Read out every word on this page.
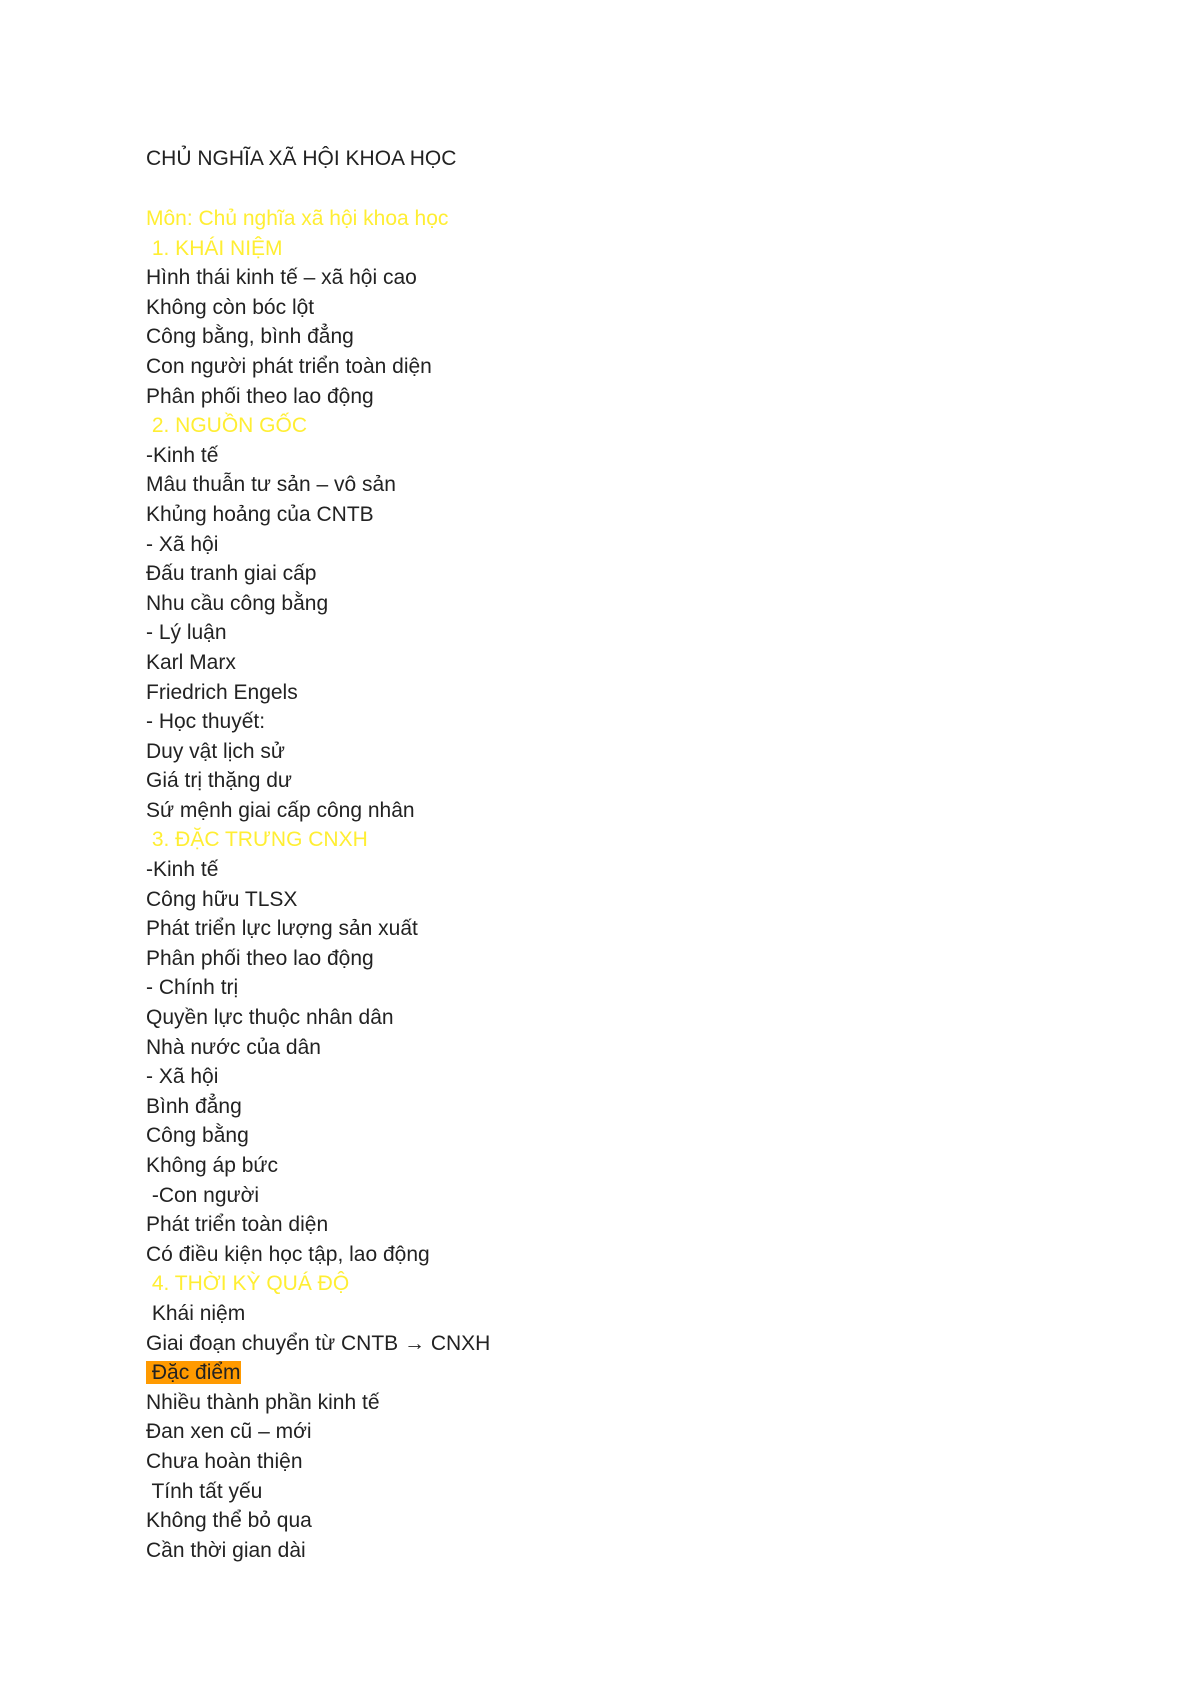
CHỦ NGHĨA XÃ HỘI KHOA HỌC
Môn: Chủ nghĩa xã hội khoa học
1. KHÁI NIỆM
Hình thái kinh tế – xã hội cao
Không còn bóc lột
Công bằng, bình đẳng
Con người phát triển toàn diện
Phân phối theo lao động
2. NGUỒN GỐC
-Kinh tế
Mâu thuẫn tư sản – vô sản
Khủng hoảng của CNTB
- Xã hội
Đấu tranh giai cấp
Nhu cầu công bằng
- Lý luận
Karl Marx
Friedrich Engels
- Học thuyết:
Duy vật lịch sử
Giá trị thặng dư
Sứ mệnh giai cấp công nhân
3. ĐẶC TRƯNG CNXH
-Kinh tế
Công hữu TLSX
Phát triển lực lượng sản xuất
Phân phối theo lao động
- Chính trị
Quyền lực thuộc nhân dân
Nhà nước của dân
- Xã hội
Bình đẳng
Công bằng
Không áp bức
-Con người
Phát triển toàn diện
Có điều kiện học tập, lao động
4. THỜI KỲ QUÁ ĐỘ
Khái niệm
Giai đoạn chuyển từ CNTB → CNXH
Đặc điểm
Nhiều thành phần kinh tế
Đan xen cũ – mới
Chưa hoàn thiện
Tính tất yếu
Không thể bỏ qua
Cần thời gian dài
